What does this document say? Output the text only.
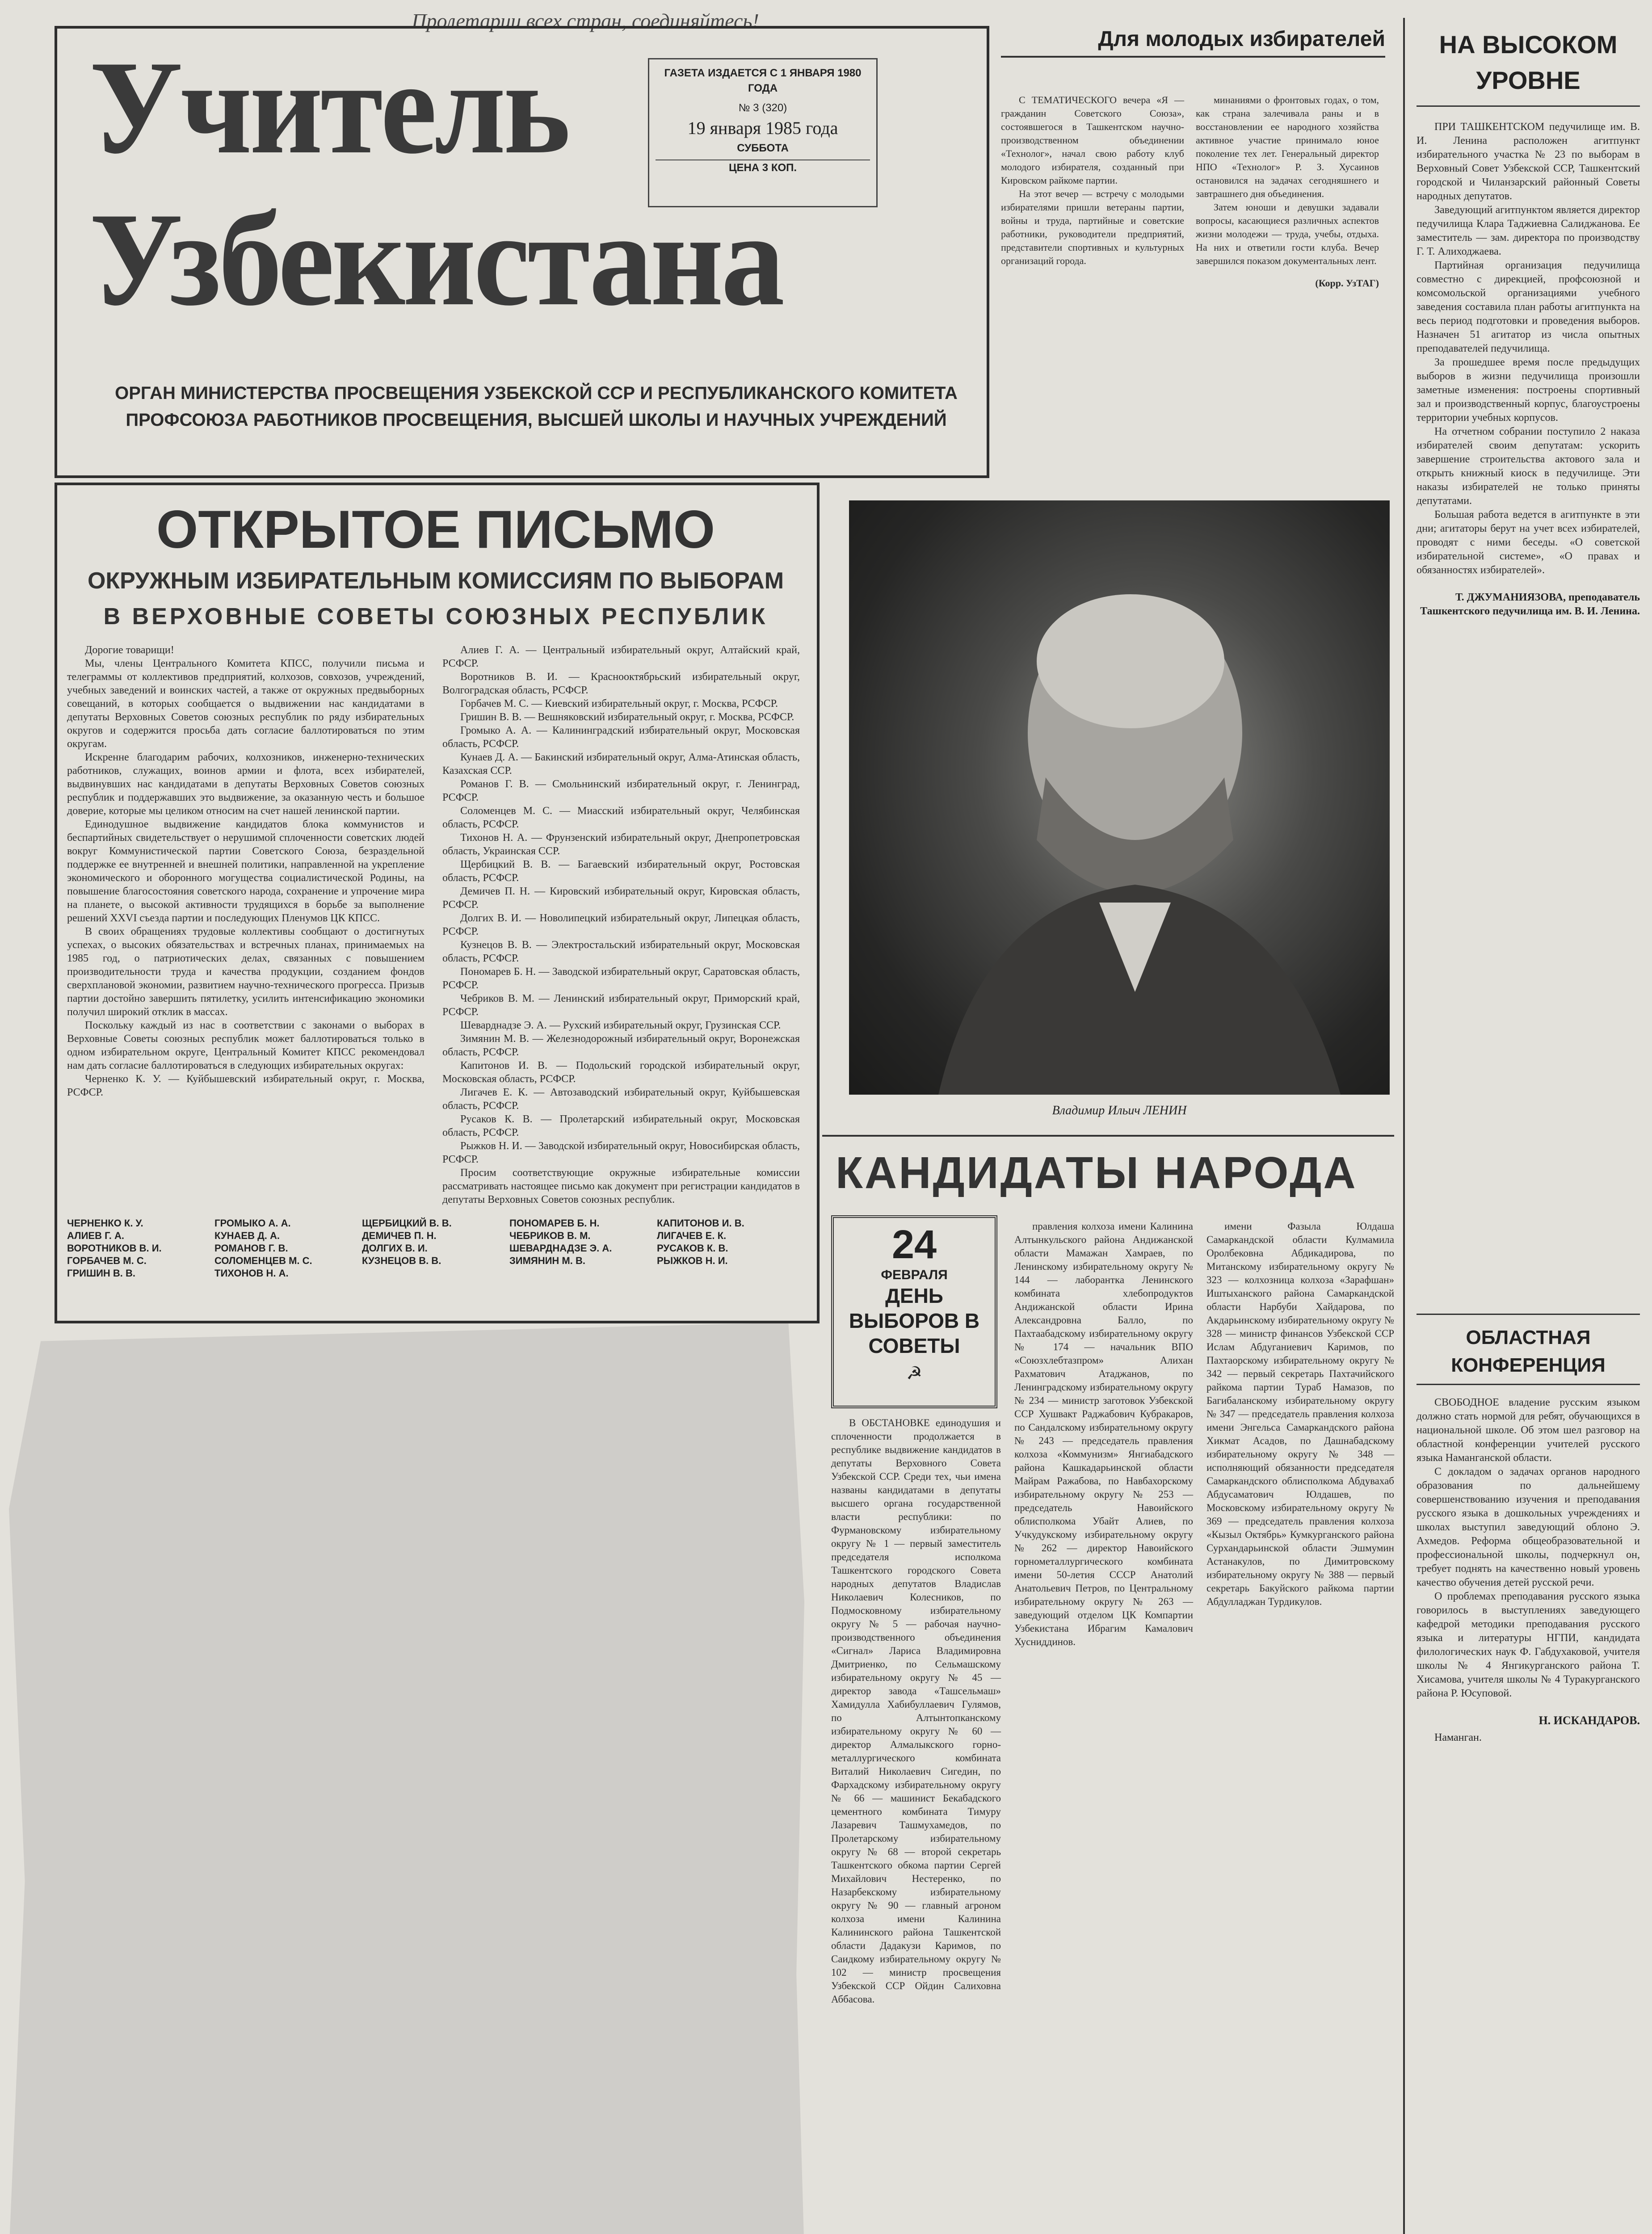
Пролетарии всех стран, соединяйтесь!
Учитель
Узбекистана
ГАЗЕТА ИЗДАЕТСЯ С 1 ЯНВАРЯ 1980 ГОДА
№ 3 (320)
19 января 1985 года
СУББОТА
ЦЕНА 3 КОП.
ОРГАН МИНИСТЕРСТВА ПРОСВЕЩЕНИЯ УЗБЕКСКОЙ ССР И РЕСПУБЛИКАНСКОГО КОМИТЕТА
ПРОФСОЮЗА РАБОТНИКОВ ПРОСВЕЩЕНИЯ, ВЫСШЕЙ ШКОЛЫ И НАУЧНЫХ УЧРЕЖДЕНИЙ
Для молодых избирателей

С ТЕМАТИЧЕСКОГО вечера «Я — гражданин Советского Союза», состоявшегося в Ташкентском научно-производственном объединении «Технолог», начал свою работу клуб молодого избирателя, созданный при Кировском райкоме партии.

На этот вечер — встречу с молодыми избирателями пришли ветераны партии, войны и труда, партийные и советские работники, руководители предприятий, представители спортивных и культурных организаций города.

минаниями о фронтовых годах, о том, как страна залечивала раны и в восстановлении ее народного хозяйства активное участие принимало юное поколение тех лет. Генеральный директор НПО «Технолог» Р. З. Хусаинов остановился на задачах сегодняшнего и завтрашнего дня объединения.

Затем юноши и девушки задавали вопросы, касающиеся различных аспектов жизни молодежи — труда, учебы, отдыха. На них и ответили гости клуба. Вечер завершился показом документальных лент.

(Корр. УзТАГ)
НА ВЫСОКОМ УРОВНЕ

ПРИ ТАШКЕНТСКОМ педучилище им. В. И. Ленина расположен агитпункт избирательного участка № 23 по выборам в Верховный Совет Узбекской ССР, Ташкентский городской и Чиланзарский районный Советы народных депутатов.

Заведующий агитпунктом является директор педучилища Клара Таджиевна Салиджанова. Ее заместитель — зам. директора по производству Г. Т. Алиходжаева.

Партийная организация педучилища совместно с дирекцией, профсоюзной и комсомольской организациями учебного заведения составила план работы агитпункта на весь период подготовки и проведения выборов. Назначен 51 агитатор из числа опытных преподавателей педучилища.

За прошедшее время после предыдущих выборов в жизни педучилища произошли заметные изменения: построены спортивный зал и производственный корпус, благоустроены территории учебных корпусов.

На отчетном собрании поступило 2 наказа избирателей своим депутатам: ускорить завершение строительства актового зала и открыть книжный киоск в педучилище. Эти наказы избирателей не только приняты депутатами.

Большая работа ведется в агитпункте в эти дни; агитаторы берут на учет всех избирателей, проводят с ними беседы. «О советской избирательной системе», «О правах и обязанностях избирателей».

Т. ДЖУМАНИЯЗОВА, преподаватель Ташкентского педучилища им. В. И. Ленина.
ОБЛАСТНАЯ КОНФЕРЕНЦИЯ

СВОБОДНОЕ владение русским языком должно стать нормой для ребят, обучающихся в национальной школе. Об этом шел разговор на областной конференции учителей русского языка Наманганской области.

С докладом о задачах органов народного образования по дальнейшему совершенствованию изучения и преподавания русского языка в дошкольных учреждениях и школах выступил заведующий облоно Э. Ахмедов. Реформа общеобразовательной и профессиональной школы, подчеркнул он, требует поднять на качественно новый уровень качество обучения детей русской речи.

О проблемах преподавания русского языка говорилось в выступлениях заведующего кафедрой методики преподавания русского языка и литературы НГПИ, кандидата филологических наук Ф. Габдухаковой, учителя школы № 4 Янгикурганского района Т. Хисамова, учителя школы № 4 Туракурганского района Р. Юсуповой.

Н. ИСКАНДАРОВ.
Наманган.
ОТКРЫТОЕ ПИСЬМО
ОКРУЖНЫМ ИЗБИРАТЕЛЬНЫМ КОМИССИЯМ ПО ВЫБОРАМ
В ВЕРХОВНЫЕ СОВЕТЫ СОЮЗНЫХ РЕСПУБЛИК

Дорогие товарищи!

Мы, члены Центрального Комитета КПСС, получили письма и телеграммы от коллективов предприятий, колхозов, совхозов, учреждений, учебных заведений и воинских частей, а также от окружных предвыборных совещаний, в которых сообщается о выдвижении нас кандидатами в депутаты Верховных Советов союзных республик по ряду избирательных округов и содержится просьба дать согласие баллотироваться по этим округам.

Искренне благодарим рабочих, колхозников, инженерно-технических работников, служащих, воинов армии и флота, всех избирателей, выдвинувших нас кандидатами в депутаты Верховных Советов союзных республик и поддержавших это выдвижение, за оказанную честь и большое доверие, которые мы целиком относим на счет нашей ленинской партии.

Единодушное выдвижение кандидатов блока коммунистов и беспартийных свидетельствует о нерушимой сплоченности советских людей вокруг Коммунистической партии Советского Союза, безраздельной поддержке ее внутренней и внешней политики, направленной на укрепление экономического и оборонного могущества социалистической Родины, на повышение благосостояния советского народа, сохранение и упрочение мира на планете, о высокой активности трудящихся в борьбе за выполнение решений XXVI съезда партии и последующих Пленумов ЦК КПСС.

В своих обращениях трудовые коллективы сообщают о достигнутых успехах, о высоких обязательствах и встречных планах, принимаемых на 1985 год, о патриотических делах, связанных с повышением производительности труда и качества продукции, созданием фондов сверхплановой экономии, развитием научно-технического прогресса. Призыв партии достойно завершить пятилетку, усилить интенсификацию экономики получил широкий отклик в массах.

Поскольку каждый из нас в соответствии с законами о выборах в Верховные Советы союзных республик может баллотироваться только в одном избирательном округе, Центральный Комитет КПСС рекомендовал нам дать согласие баллотироваться в следующих избирательных округах:

Черненко К. У. — Куйбышевский избирательный округ, г. Москва, РСФСР.

Алиев Г. А. — Центральный избирательный округ, Алтайский край, РСФСР.

Воротников В. И. — Краснооктябрьский избирательный округ, Волгоградская область, РСФСР.

Горбачев М. С. — Киевский избирательный округ, г. Москва, РСФСР.

Гришин В. В. — Вешняковский избирательный округ, г. Москва, РСФСР.

Громыко А. А. — Калининградский избирательный округ, Московская область, РСФСР.

Кунаев Д. А. — Бакинский избирательный округ, Алма-Атинская область, Казахская ССР.

Романов Г. В. — Смольнинский избирательный округ, г. Ленинград, РСФСР.

Соломенцев М. С. — Миасский избирательный округ, Челябинская область, РСФСР.

Тихонов Н. А. — Фрунзенский избирательный округ, Днепропетровская область, Украинская ССР.

Щербицкий В. В. — Багаевский избирательный округ, Ростовская область, РСФСР.

Демичев П. Н. — Кировский избирательный округ, Кировская область, РСФСР.

Долгих В. И. — Новолипецкий избирательный округ, Липецкая область, РСФСР.

Кузнецов В. В. — Электростальский избирательный округ, Московская область, РСФСР.

Пономарев Б. Н. — Заводской избирательный округ, Саратовская область, РСФСР.

Чебриков В. М. — Ленинский избирательный округ, Приморский край, РСФСР.

Шеварднадзе Э. А. — Рухский избирательный округ, Грузинская ССР.

Зимянин М. В. — Железнодорожный избирательный округ, Воронежская область, РСФСР.

Капитонов И. В. — Подольский городской избирательный округ, Московская область, РСФСР.

Лигачев Е. К. — Автозаводский избирательный округ, Куйбышевская область, РСФСР.

Русаков К. В. — Пролетарский избирательный округ, Московская область, РСФСР.

Рыжков Н. И. — Заводской избирательный округ, Новосибирская область, РСФСР.

Просим соответствующие окружные избирательные комиссии рассматривать настоящее письмо как документ при регистрации кандидатов в депутаты Верховных Советов союзных республик.

ЧЕРНЕНКО К. У.
АЛИЕВ Г. А.
ВОРОТНИКОВ В. И.
ГОРБАЧЕВ М. С.
ГРИШИН В. В.
ГРОМЫКО А. А.
КУНАЕВ Д. А.
РОМАНОВ Г. В.
СОЛОМЕНЦЕВ М. С.
ТИХОНОВ Н. А.
ЩЕРБИЦКИЙ В. В.
ДЕМИЧЕВ П. Н.
ДОЛГИХ В. И.
КУЗНЕЦОВ В. В.
ПОНОМАРЕВ Б. Н.
ЧЕБРИКОВ В. М.
ШЕВАРДНАДЗЕ Э. А.
ЗИМЯНИН М. В.
КАПИТОНОВ И. В.
ЛИГАЧЕВ Е. К.
РУСАКОВ К. В.
РЫЖКОВ Н. И.
Владимир Ильич ЛЕНИН
КАНДИДАТЫ НАРОДА
24
ФЕВРАЛЯ
ДЕНЬ ВЫБОРОВ В СОВЕТЫ
☭

В ОБСТАНОВКЕ единодушия и сплоченности продолжается в республике выдвижение кандидатов в депутаты Верховного Совета Узбекской ССР. Среди тех, чьи имена названы кандидатами в депутаты высшего органа государственной власти республики: по Фурмановскому избирательному округу № 1 — первый заместитель председателя исполкома Ташкентского городского Совета народных депутатов Владислав Николаевич Колесников, по Подмосковному избирательному округу № 5 — рабочая научно-производственного объединения «Сигнал» Лариса Владимировна Дмитриенко, по Сельмашскому избирательному округу № 45 — директор завода «Ташсельмаш» Хамидулла Хабибуллаевич Гулямов, по Алтынтопканскому избирательному округу № 60 — директор Алмалыкского горно-металлургического комбината Виталий Николаевич Сигедин, по Фархадскому избирательному округу № 66 — машинист Бекабадского цементного комбината Тимуру Лазаревич Ташмухамедов, по Пролетарскому избирательному округу № 68 — второй секретарь Ташкентского обкома партии Сергей Михайлович Нестеренко, по Назарбекскому избирательному округу № 90 — главный агроном колхоза имени Калинина Калининского района Ташкентской области Дадакузи Каримов, по Саидкому избирательному округу № 102 — министр просвещения Узбекской ССР Ойдин Салиховна Аббасова.

правления колхоза имени Калинина Алтынкульского района Андижанской области Мамажан Хамраев, по Ленинскому избирательному округу № 144 — лаборантка Ленинского комбината хлебопродуктов Андижанской области Ирина Александровна Балло, по Пахтаабадскому избирательному округу № 174 — начальник ВПО «Союзхлебтазпром» Алихан Рахматович Атаджанов, по Ленинградскому избирательному округу № 234 — министр заготовок Узбекской ССР Хушвакт Раджабович Кубракаров, по Сандалскому избирательному округу № 243 — председатель правления колхоза «Коммунизм» Янгиабадского района Кашкадарьинской области Майрам Ражабова, по Навбахорскому избирательному округу № 253 — председатель Навоийского облисполкома Убайт Алиев, по Учкудукскому избирательному округу № 262 — директор Навоийского горнометаллургического комбината имени 50-летия СССР Анатолий Анатольевич Петров, по Центральному избирательному округу № 263 — заведующий отделом ЦК Компартии Узбекистана Ибрагим Камалович Хусниддинов.

имени Фазыла Юлдаша Самаркандской области Кулмамила Оролбековна Абдикадирова, по Митанскому избирательному округу № 323 — колхозница колхоза «Зарафшан» Иштыханского района Самаркандской области Нарбуби Хайдарова, по Акдарьинскому избирательному округу № 328 — министр финансов Узбекской ССР Ислам Абдуганиевич Каримов, по Пахтаорскому избирательному округу № 342 — первый секретарь Пахтачийского райкома партии Тураб Намазов, по Багибаланскому избирательному округу № 347 — председатель правления колхоза имени Энгельса Самаркандского района Хикмат Асадов, по Дашнабадскому избирательному округу № 348 — исполняющий обязанности председателя Самаркандского облисполкома Абдувахаб Абдусаматович Юлдашев, по Московскому избирательному округу № 369 — председатель правления колхоза «Кызыл Октябрь» Кумкурганского района Сурхандарьинской области Эшмумин Астанакулов, по Димитровскому избирательному округу № 388 — первый секретарь Бакуйского райкома партии Абдулладжан Турдикулов.
